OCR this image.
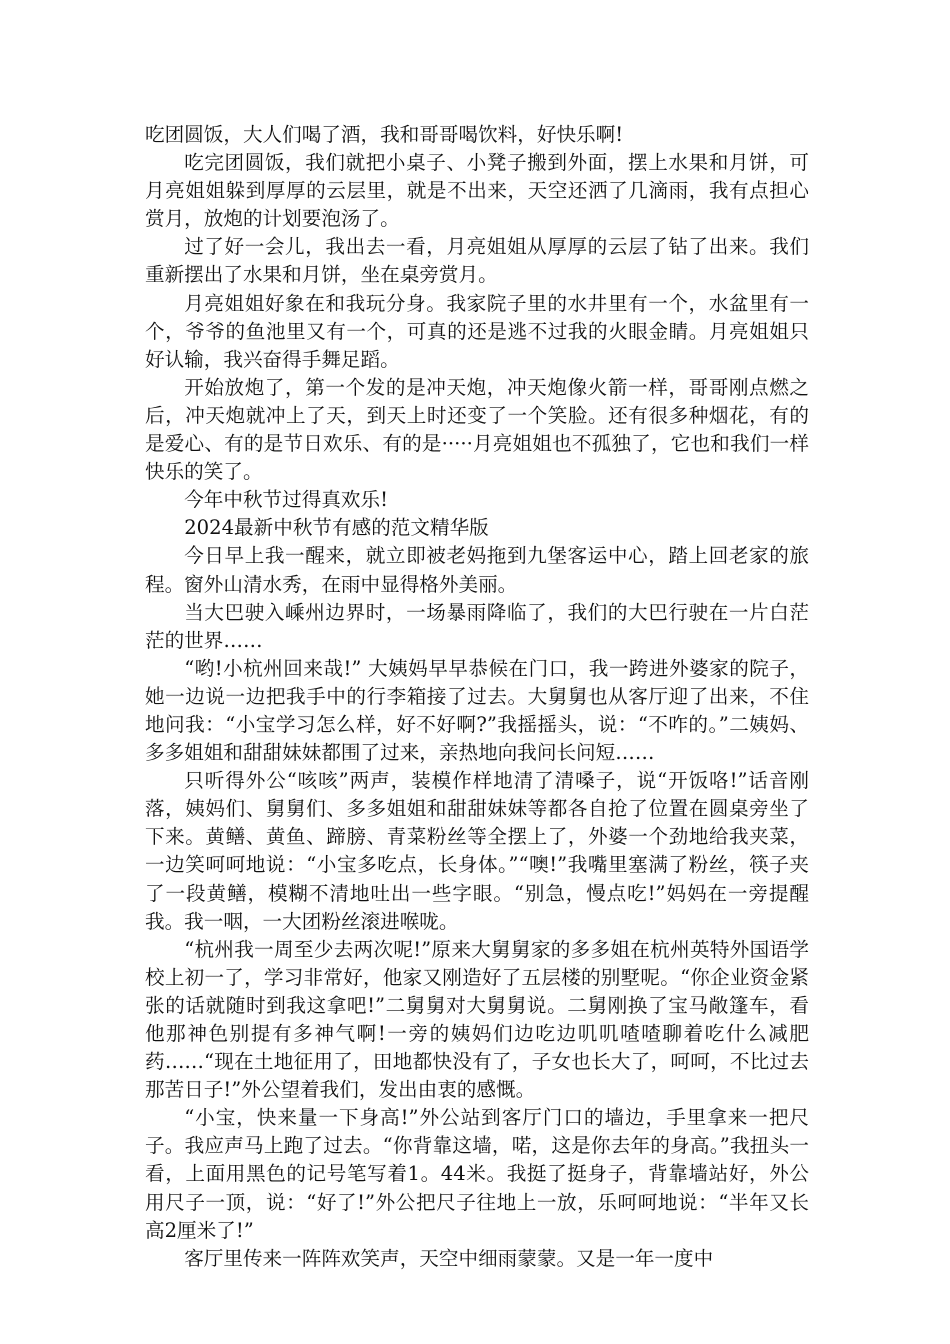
吃团圆饭，大人们喝了酒，我和哥哥喝饮料，好快乐啊!

吃完团圆饭，我们就把小桌子、小凳子搬到外面，摆上水果和月饼，可月亮姐姐躲到厚厚的云层里，就是不出来，天空还洒了几滴雨，我有点担心赏月，放炮的计划要泡汤了。

过了好一会儿，我出去一看，月亮姐姐从厚厚的云层了钻了出来。我们重新摆出了水果和月饼，坐在桌旁赏月。

月亮姐姐好象在和我玩分身。我家院子里的水井里有一个，水盆里有一个，爷爷的鱼池里又有一个，可真的还是逃不过我的火眼金睛。月亮姐姐只好认输，我兴奋得手舞足蹈。

开始放炮了，第一个发的是冲天炮，冲天炮像火箭一样，哥哥刚点燃之后，冲天炮就冲上了天，到天上时还变了一个笑脸。还有很多种烟花，有的是爱心、有的是节日欢乐、有的是·····月亮姐姐也不孤独了，它也和我们一样快乐的笑了。

今年中秋节过得真欢乐!

2024最新中秋节有感的范文精华版

今日早上我一醒来，就立即被老妈拖到九堡客运中心，踏上回老家的旅程。窗外山清水秀，在雨中显得格外美丽。

当大巴驶入嵊州边界时，一场暴雨降临了，我们的大巴行驶在一片白茫茫的世界……

“哟!小杭州回来哉!” 大姨妈早早恭候在门口，我一跨进外婆家的院子，她一边说一边把我手中的行李箱接了过去。大舅舅也从客厅迎了出来，不住地问我：“小宝学习怎么样，好不好啊?”我摇摇头，说：“不咋的。”二姨妈、多多姐姐和甜甜妹妹都围了过来，亲热地向我问长问短……

只听得外公“咳咳”两声，装模作样地清了清嗓子，说“开饭咯!”话音刚落，姨妈们、舅舅们、多多姐姐和甜甜妹妹等都各自抢了位置在圆桌旁坐了下来。黄鳝、黄鱼、蹄膀、青菜粉丝等全摆上了，外婆一个劲地给我夹菜，一边笑呵呵地说：“小宝多吃点，长身体。”“噢!”我嘴里塞满了粉丝，筷子夹了一段黄鳝，模糊不清地吐出一些字眼。“别急，慢点吃!”妈妈在一旁提醒我。我一咽，一大团粉丝滚进喉咙。

“杭州我一周至少去两次呢!”原来大舅舅家的多多姐在杭州英特外国语学校上初一了，学习非常好，他家又刚造好了五层楼的别墅呢。“你企业资金紧张的话就随时到我这拿吧!”二舅舅对大舅舅说。二舅刚换了宝马敞篷车，看他那神色别提有多神气啊!一旁的姨妈们边吃边叽叽喳喳聊着吃什么减肥药……“现在土地征用了，田地都快没有了，子女也长大了，呵呵，不比过去那苦日子!”外公望着我们，发出由衷的感慨。

“小宝，快来量一下身高!”外公站到客厅门口的墙边，手里拿来一把尺子。我应声马上跑了过去。“你背靠这墙，喏，这是你去年的身高。”我扭头一看，上面用黑色的记号笔写着1。44米。我挺了挺身子，背靠墙站好，外公用尺子一顶，说：“好了!”外公把尺子往地上一放，乐呵呵地说：“半年又长高2厘米了!”

客厅里传来一阵阵欢笑声，天空中细雨蒙蒙。又是一年一度中
